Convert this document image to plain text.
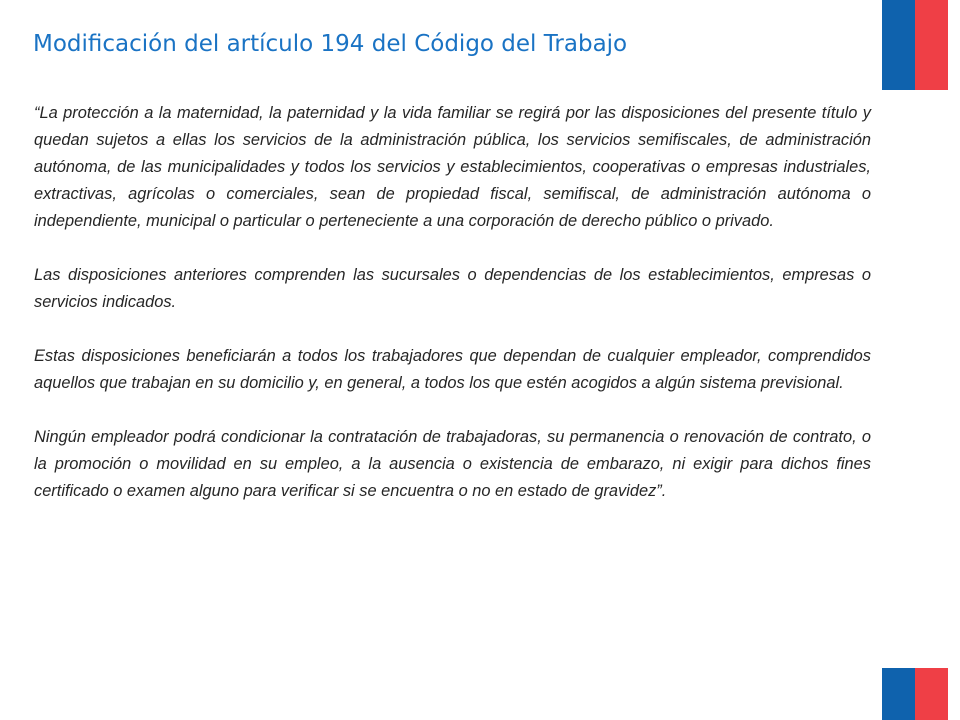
Modificación del artículo 194 del Código del Trabajo

“La protección a la maternidad, la paternidad y la vida familiar se regirá por las disposiciones del presente título y quedan sujetos a ellas los servicios de la administración pública, los servicios semifiscales, de administración autónoma, de las municipalidades y todos los servicios y establecimientos, cooperativas o empresas industriales, extractivas, agrícolas o comerciales, sean de propiedad fiscal, semifiscal, de administración autónoma o independiente, municipal o particular o perteneciente a una corporación de derecho público o privado.

Las disposiciones anteriores comprenden las sucursales o dependencias de los establecimientos, empresas o servicios indicados.

Estas disposiciones beneficiarán a todos los trabajadores que dependan de cualquier empleador, comprendidos aquellos que trabajan en su domicilio y, en general, a todos los que estén acogidos a algún sistema previsional.

Ningún empleador podrá condicionar la contratación de trabajadoras, su permanencia o renovación de contrato, o la promoción o movilidad en su empleo, a la ausencia o existencia de embarazo, ni exigir para dichos fines certificado o examen alguno para verificar si se encuentra o no en estado de gravidez”.
